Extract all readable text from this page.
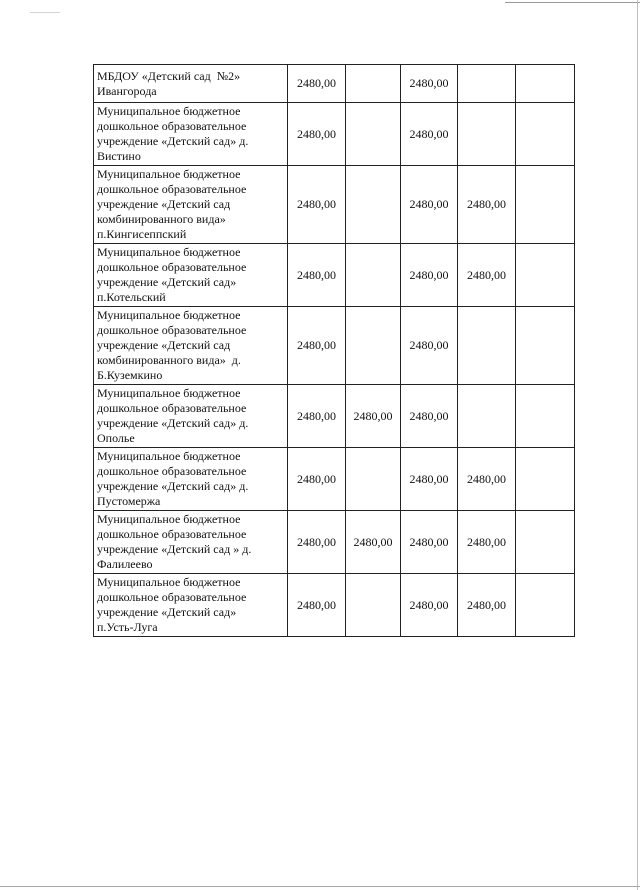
МБДОУ «Детский сад  №2»
Ивангорода	2480,00		2480,00		

Муниципальное бюджетное
дошкольное образовательное
учреждение «Детский сад» д.
Вистино	2480,00		2480,00		

Муниципальное бюджетное
дошкольное образовательное
учреждение «Детский сад
комбинированного вида»
п.Кингисеппский	2480,00		2480,00	2480,00	

Муниципальное бюджетное
дошкольное образовательное
учреждение «Детский сад»
п.Котельский	2480,00		2480,00	2480,00	

Муниципальное бюджетное
дошкольное образовательное
учреждение «Детский сад
комбинированного вида»  д.
Б.Куземкино	2480,00		2480,00		

Муниципальное бюджетное
дошкольное образовательное
учреждение «Детский сад» д.
Ополье	2480,00	2480,00	2480,00		

Муниципальное бюджетное
дошкольное образовательное
учреждение «Детский сад» д.
Пустомержа	2480,00		2480,00	2480,00	

Муниципальное бюджетное
дошкольное образовательное
учреждение «Детский сад » д.
Фалилеево	2480,00	2480,00	2480,00	2480,00	

Муниципальное бюджетное
дошкольное образовательное
учреждение «Детский сад»
п.Усть-Луга	2480,00		2480,00	2480,00	
